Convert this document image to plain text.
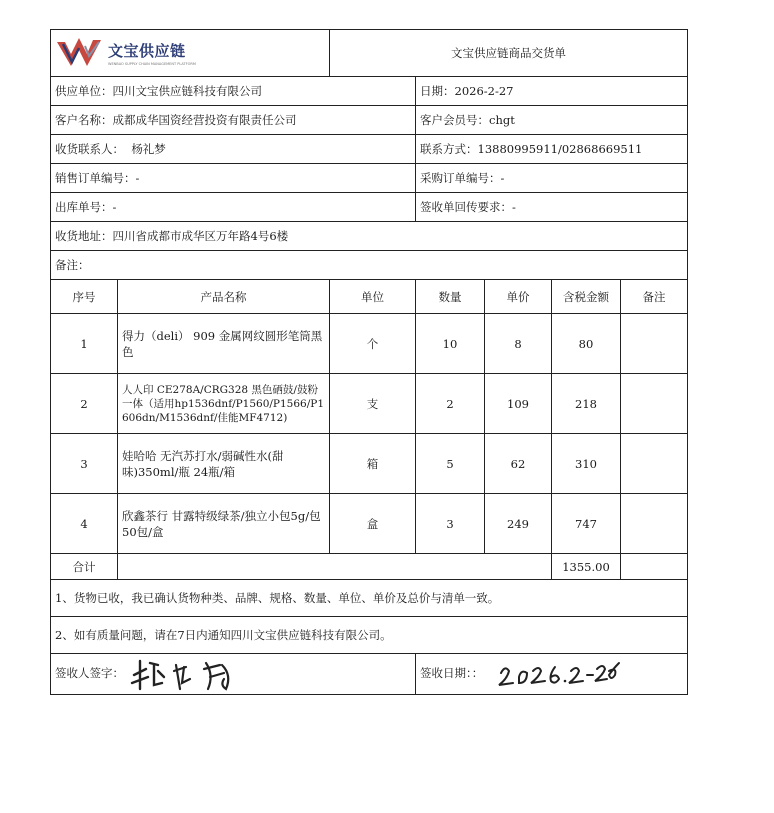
文宝供应链
WENBAO SUPPLY CHAIN MANAGEMENT PLATFORM		文宝供应链商品交货单				
供应单位：四川文宝供应链科技有限公司			日期：2026-2-27			
客户名称：成都成华国资经营投资有限责任公司			客户会员号：chgt			
收货联系人： 杨礼梦			联系方式：13880995911/02868669511			
销售订单编号：-			采购订单编号：-			
出库单号：-			签收单回传要求：-			
收货地址：四川省成都市成华区万年路4号6楼						
备注：						
序号	产品名称	单位	数量	单价	含税金额	备注
1	得力（deli） 909 金属网纹圆形笔筒黑色	个	10	8	80	
2	人人印 CE278A/CRG328 黑色硒鼓/鼓粉一体（适用hp1536dnf/P1560/P1566/P1606dn/M1536dnf/佳能MF4712)	支	2	109	218	
3	娃哈哈 无汽苏打水/弱碱性水(甜味)350ml/瓶 24瓶/箱	箱	5	62	310	
4	欣鑫茶行 甘露特级绿茶/独立小包5g/包 50包/盒	盒	3	249	747	
合计					1355.00	
1、货物已收，我已确认货物种类、品牌、规格、数量、单位、单价及总价与清单一致。						
2、如有质量问题，请在7日内通知四川文宝供应链科技有限公司。						
签收人签字：			签收日期：：			
